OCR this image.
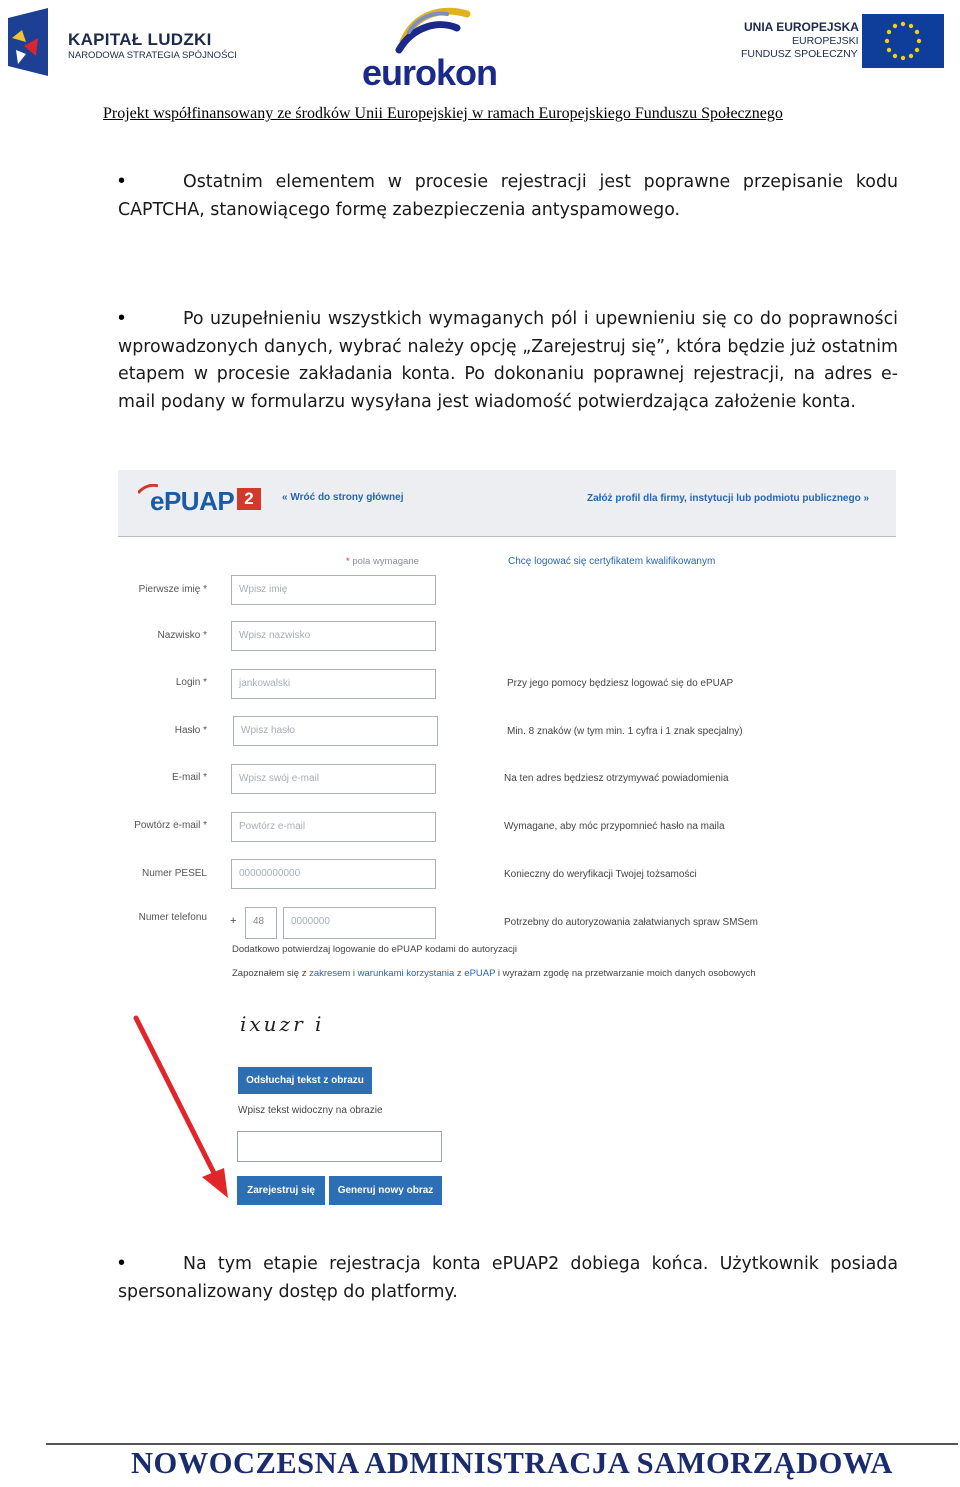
KAPITAŁ LUDZKI
NARODOWA STRATEGIA SPÓJNOŚCI	eurokon
UNIA EUROPEJSKA
EUROPEJSKI
FUNDUSZ SPOŁECZNY
Projekt współfinansowany ze środków Unii Europejskiej w ramach Europejskiego Funduszu Społecznego
•	Ostatnim elementem w procesie rejestracji jest poprawne przepisanie kodu CAPTCHA, stanowiącego formę zabezpieczenia antyspamowego.
•	Po uzupełnieniu wszystkich wymaganych pól i upewnieniu się co do poprawności wprowadzonych danych, wybrać należy opcję „Zarejestruj się”, która będzie już ostatnim etapem w procesie zakładania konta. Po dokonaniu poprawnej rejestracji, na adres e-mail podany w formularzu wysyłana jest wiadomość potwierdzająca założenie konta.
ePUAP 2	« Wróć do strony głównej	Załóż profil dla firmy, instytucji lub podmiotu publicznego »
* pola wymagane	Chcę logować się certyfikatem kwalifikowanym
Pierwsze imię *	Wpisz imię
Nazwisko *	Wpisz nazwisko
Login *	jankowalski	Przy jego pomocy będziesz logować się do ePUAP
Hasło *	Wpisz hasło	Min. 8 znaków (w tym min. 1 cyfra i 1 znak specjalny)
E-mail *	Wpisz swój e-mail	Na ten adres będziesz otrzymywać powiadomienia
Powtórz e-mail *	Powtórz e-mail	Wymagane, aby móc przypomnieć hasło na maila
Numer PESEL	00000000000	Konieczny do weryfikacji Twojej tożsamości
Numer telefonu +	48	0000000	Potrzebny do autoryzowania załatwianych spraw SMSem
Dodatkowo potwierdzaj logowanie do ePUAP kodami do autoryzacji
Zapoznałem się z zakresem i warunkami korzystania z ePUAP i wyrażam zgodę na przetwarzanie moich danych osobowych
ixuzr i
Odsłuchaj tekst z obrazu
Wpisz tekst widoczny na obrazie
Zarejestruj się	Generuj nowy obraz
•	Na tym etapie rejestracja konta ePUAP2 dobiega końca. Użytkownik posiada spersonalizowany dostęp do platformy.
NOWOCZESNA ADMINISTRACJA SAMORZĄDOWA
